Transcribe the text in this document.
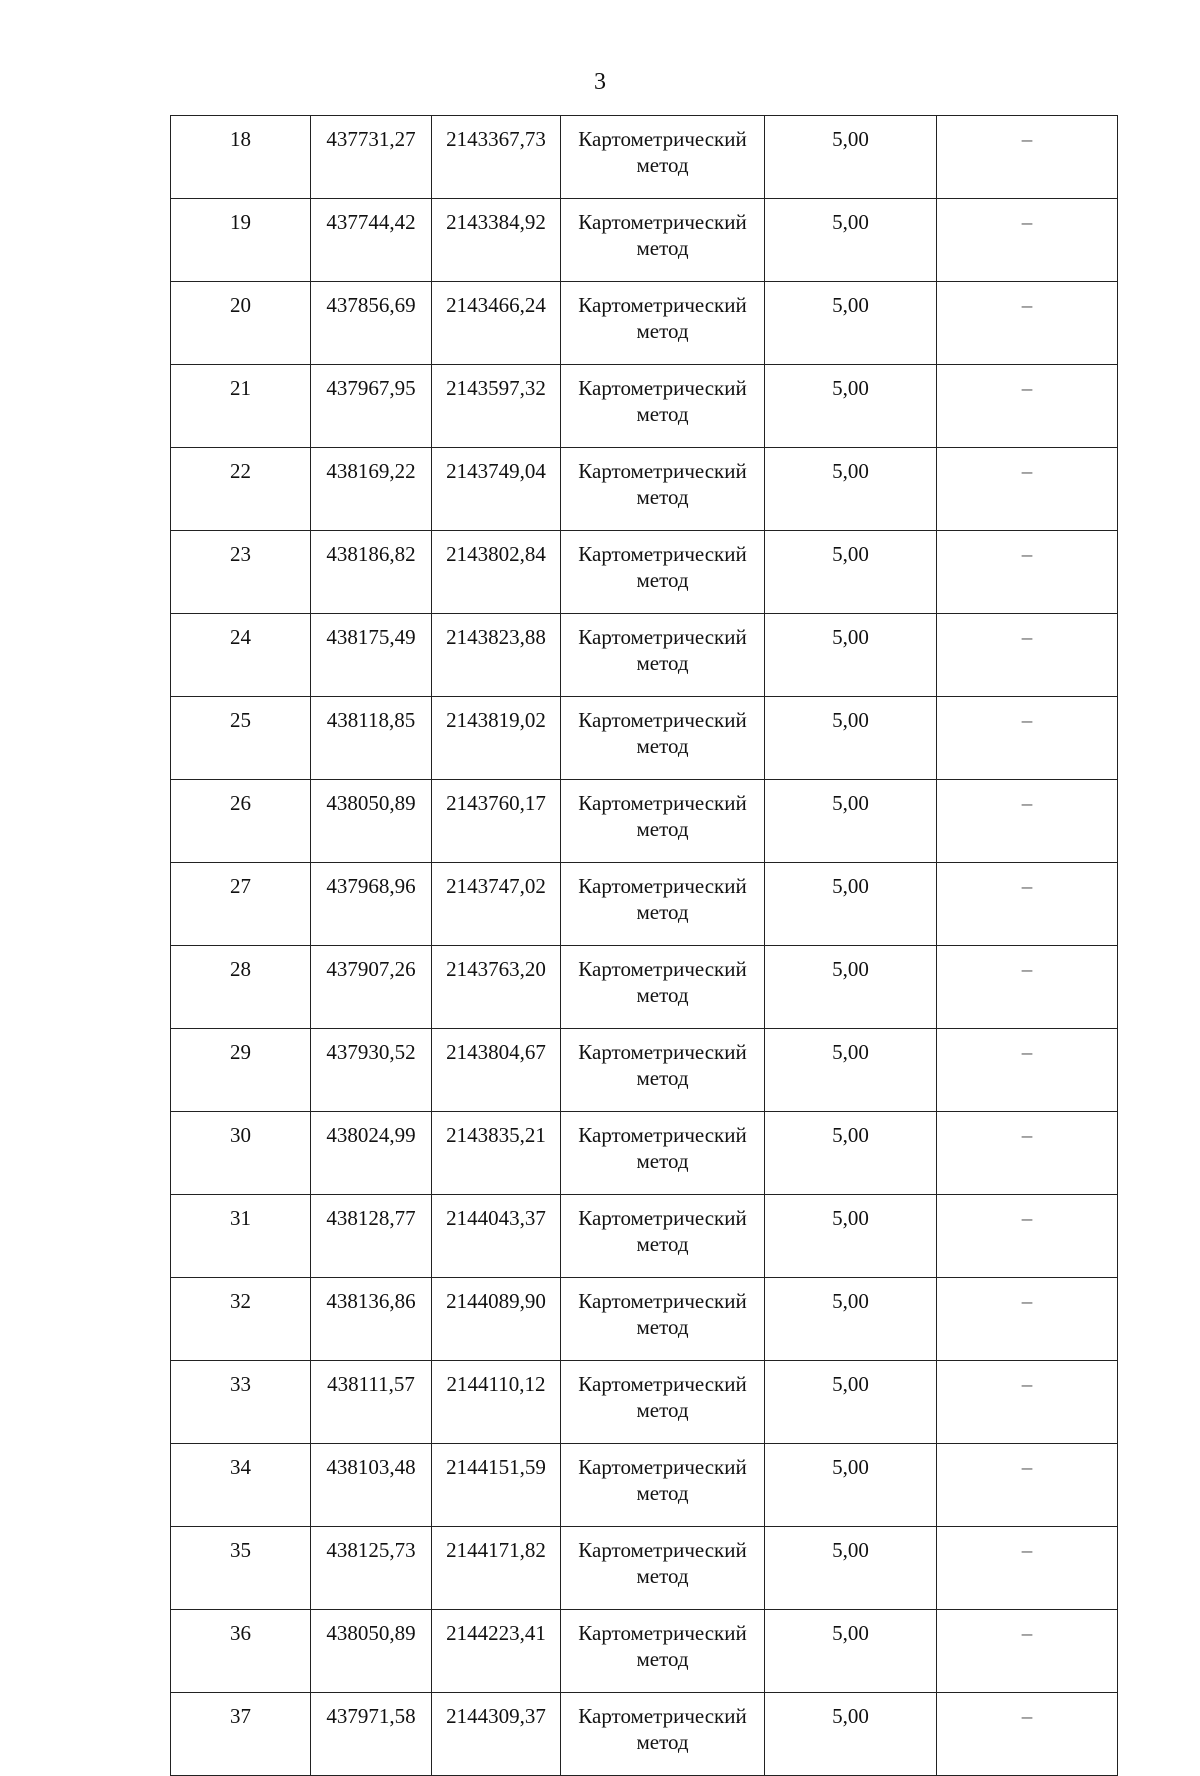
3
18	437731,27	2143367,73	Картометрический метод	5,00	–
19	437744,42	2143384,92	Картометрический метод	5,00	–
20	437856,69	2143466,24	Картометрический метод	5,00	–
21	437967,95	2143597,32	Картометрический метод	5,00	–
22	438169,22	2143749,04	Картометрический метод	5,00	–
23	438186,82	2143802,84	Картометрический метод	5,00	–
24	438175,49	2143823,88	Картометрический метод	5,00	–
25	438118,85	2143819,02	Картометрический метод	5,00	–
26	438050,89	2143760,17	Картометрический метод	5,00	–
27	437968,96	2143747,02	Картометрический метод	5,00	–
28	437907,26	2143763,20	Картометрический метод	5,00	–
29	437930,52	2143804,67	Картометрический метод	5,00	–
30	438024,99	2143835,21	Картометрический метод	5,00	–
31	438128,77	2144043,37	Картометрический метод	5,00	–
32	438136,86	2144089,90	Картометрический метод	5,00	–
33	438111,57	2144110,12	Картометрический метод	5,00	–
34	438103,48	2144151,59	Картометрический метод	5,00	–
35	438125,73	2144171,82	Картометрический метод	5,00	–
36	438050,89	2144223,41	Картометрический метод	5,00	–
37	437971,58	2144309,37	Картометрический метод	5,00	–
